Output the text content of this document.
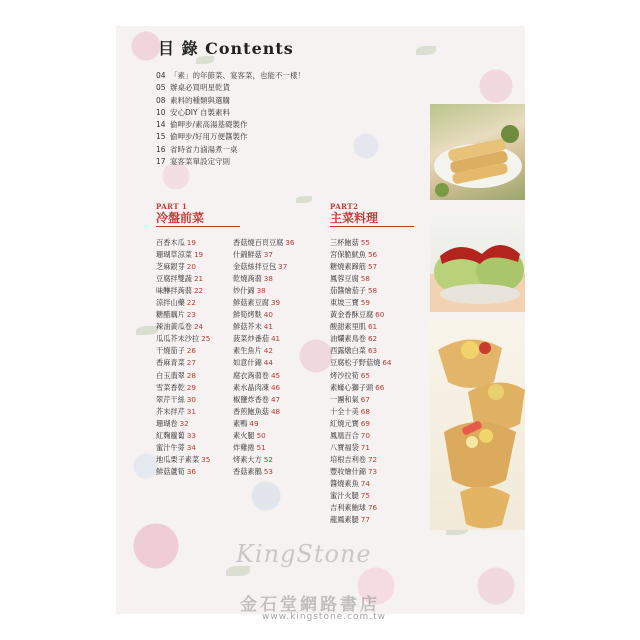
目 錄 Contents
04 「素」的年節菜、宴客菜，也能不一樣！
05 辦桌必買明星乾貨
08 素料的種類與選購
10 安心DIY 自製素料
14 偷呷步/素高湯基礎製作
15 偷呷步/好用万便醬製作
16 省時省力滷湯煮一桌
17 宴客菜單設定守則
PART 1
冷盤前菜
PART2
主菜料理
百香木瓜 19
珊瑚草涼菜 19
芝麻銀芽 20
豆腐拌雙蔬 21
味醂拌蒟蒻 22
涼拌山藥 22
糖醋藕片 23
辣油黃瓜卷 24
瓜瓜芥末沙拉 25
干燒茄子 26
香麻青菜 27
白玉翡翠 28
雪菜香乾 29
翠芹干絲 30
芥末拌芹 31
珊瑚卷 32
紅麴蘿蔔 33
蜜汁牛蒡 34
地瓜栗子素菜 35
鮮菇蘆筍 36
香菇燒百頁豆腐 36
什錦鮮菇 37
金菇絲拌豆包 37
乾燒蒟蒻 38
炒什錦 38
鮮菇素豆腐 39
鮮筍烤麩 40
鮮菇芥末 41
菠菜炒番茄 41
素生魚片 42
如意什錦 44
腐衣蒟蒻卷 45
素水晶肉凍 46
椒鹽炸香卷 47
香煎鮑魚菇 48
素鴨 49
素火腿 50
炸雞捲 51
烤素大方 52
香菇素鵝 53
三杯鮑菇 55
宮保脆魷魚 56
糖燒素蹄筋 57
鳳蓉豆腐 58
茄醬燴茄子 58
東坡三寶 59
黃金香酥豆腐 60
酸甜素里肌 61
油爛素鳥卷 62
西露燉白菜 63
豆腐松子野菇燒 64
烤沙拉筍 65
素蠔心獅子頭 66
一團和氣 67
十全十美 68
紅燒元寶 69
鳳凰百合 70
八寶福袋 71
培根吉利卷 72
豐收燴什錦 73
醬燒素魚 74
蜜汁火腿 75
吉利素鮑球 76
龍鳳素腿 77
KingStone
金石堂網路書店
www.kingstone.com.tw
